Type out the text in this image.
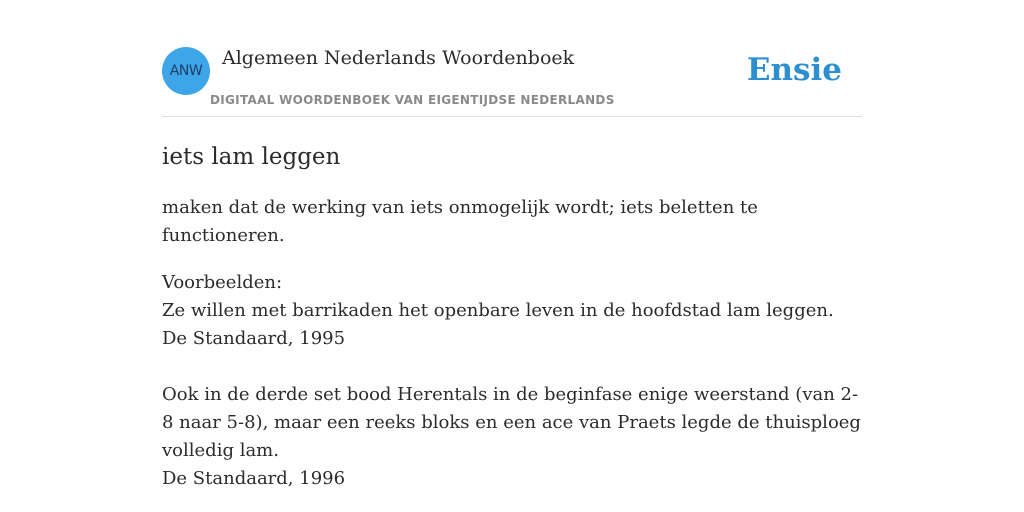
ANW
Algemeen Nederlands Woordenboek
DIGITAAL WOORDENBOEK VAN EIGENTIJDSE NEDERLANDS
Ensie
iets lam leggen
maken dat de werking van iets onmogelijk wordt; iets beletten te functioneren.
Voorbeelden:
Ze willen met barrikaden het openbare leven in de hoofdstad lam leggen.
De Standaard, 1995
Ook in de derde set bood Herentals in de beginfase enige weerstand (van 2-8 naar 5-8), maar een reeks bloks en een ace van Praets legde de thuisploeg volledig lam.
De Standaard, 1996
